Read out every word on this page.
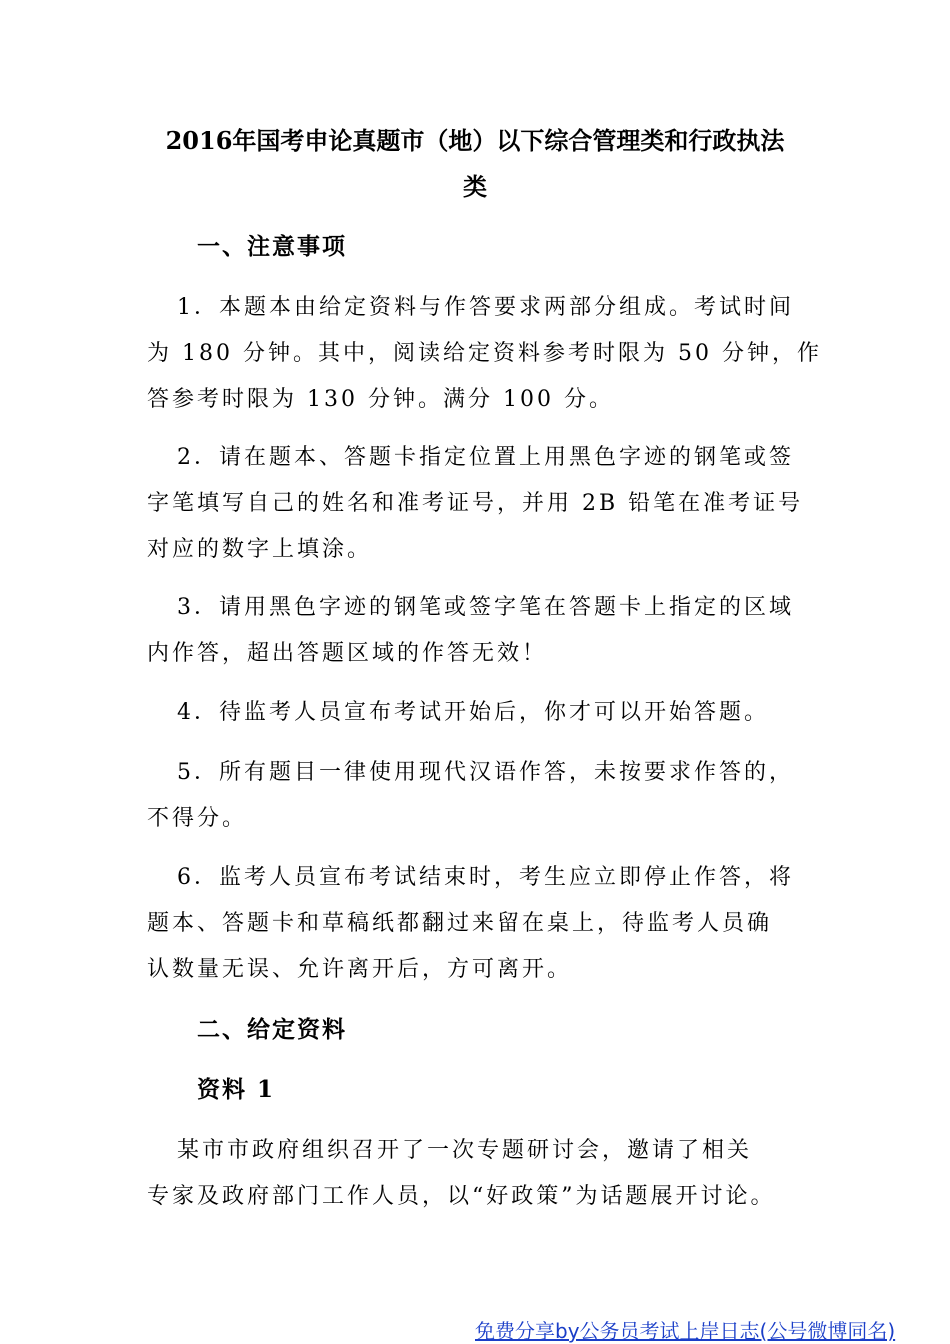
2016年国考申论真题市（地）以下综合管理类和行政执法
类
一、注意事项
1．本题本由给定资料与作答要求两部分组成。考试时间
为 180 分钟。其中，阅读给定资料参考时限为 50 分钟，作
答参考时限为 130 分钟。满分 100 分。
2．请在题本、答题卡指定位置上用黑色字迹的钢笔或签
字笔填写自己的姓名和准考证号，并用 2B 铅笔在准考证号
对应的数字上填涂。
3．请用黑色字迹的钢笔或签字笔在答题卡上指定的区域
内作答，超出答题区域的作答无效！
4．待监考人员宣布考试开始后，你才可以开始答题。
5．所有题目一律使用现代汉语作答，未按要求作答的，
不得分。
6．监考人员宣布考试结束时，考生应立即停止作答，将
题本、答题卡和草稿纸都翻过来留在桌上，待监考人员确
认数量无误、允许离开后，方可离开。
二、给定资料
资料 1
某市市政府组织召开了一次专题研讨会，邀请了相关
专家及政府部门工作人员，以“好政策”为话题展开讨论。
免费分享by公务员考试上岸日志(公号微博同名)
